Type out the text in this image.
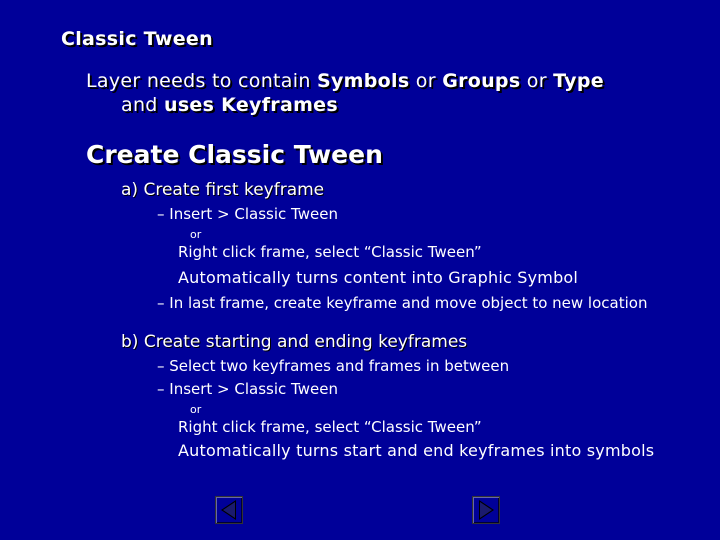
Classic Tween
Layer needs to contain Symbols or Groups or Type
and uses Keyframes
Create Classic Tween
a) Create first keyframe
– Insert > Classic Tween
or
Right click frame, select “Classic Tween”
Automatically turns content into Graphic Symbol
– In last frame, create keyframe and move object to new location
b) Create starting and ending keyframes
– Select two keyframes and frames in between
– Insert > Classic Tween
or
Right click frame, select “Classic Tween”
Automatically turns start and end keyframes into symbols
